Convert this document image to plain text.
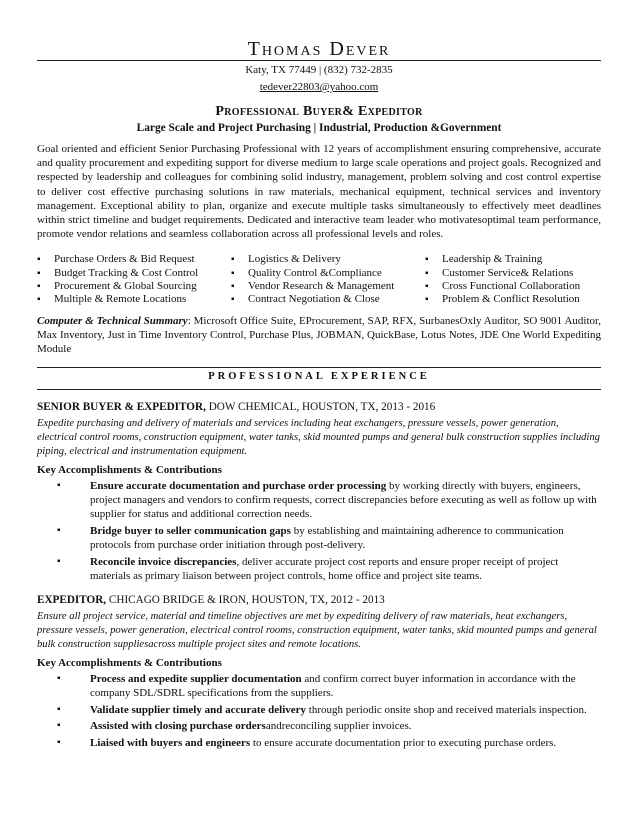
Thomas Dever
Katy, TX 77449 | (832) 732-2835
tedever22803@yahoo.com
Professional Buyer& Expeditor
Large Scale and Project Purchasing | Industrial, Production &Government
Goal oriented and efficient Senior Purchasing Professional with 12 years of accomplishment ensuring comprehensive, accurate and quality procurement and expediting support for diverse medium to large scale operations and project goals. Recognized and respected by leadership and colleagues for combining solid industry, management, problem solving and cost control expertise to deliver cost effective purchasing solutions in raw materials, mechanical equipment, technical services and inventory management. Exceptional ability to plan, organize and execute multiple tasks simultaneously to effectively meet deadlines within strict timeline and budget requirements. Dedicated and interactive team leader who motivatesoptimal team performance, promote vendor relations and seamless collaboration across all professional levels and roles.
▪ Purchase Orders & Bid Request
▪ Budget Tracking & Cost Control
▪ Procurement & Global Sourcing
▪ Multiple & Remote Locations
▪ Logistics & Delivery
▪ Quality Control &Compliance
▪ Vendor Research & Management
▪ Contract Negotiation & Close
▪ Leadership & Training
▪ Customer Service& Relations
▪ Cross Functional Collaboration
▪ Problem & Conflict Resolution
Computer & Technical Summary: Microsoft Office Suite, EProcurement, SAP, RFX, SurbanesOxly Auditor, SO 9001 Auditor, Max Inventory, Just in Time Inventory Control, Purchase Plus, JOBMAN, QuickBase, Lotus Notes, JDE One World Expediting Module
PROFESSIONAL EXPERIENCE
SENIOR BUYER & EXPEDITOR, DOW CHEMICAL, HOUSTON, TX, 2013 - 2016
Expedite purchasing and delivery of materials and services including heat exchangers, pressure vessels, power generation, electrical control rooms, construction equipment, water tanks, skid mounted pumps and general bulk construction supplies including piping, electrical and instrumentation equipment.
Key Accomplishments & Contributions
▪ Ensure accurate documentation and purchase order processing by working directly with buyers, engineers, project managers and vendors to confirm requests, correct discrepancies before executing as well as follow up with supplier for status and additional correction needs.
▪ Bridge buyer to seller communication gaps by establishing and maintaining adherence to communication protocols from purchase order initiation through post-delivery.
▪ Reconcile invoice discrepancies, deliver accurate project cost reports and ensure proper receipt of project materials as primary liaison between project controls, home office and project site teams.
EXPEDITOR, CHICAGO BRIDGE & IRON, HOUSTON, TX, 2012 - 2013
Ensure all project service, material and timeline objectives are met by expediting delivery of raw materials, heat exchangers, pressure vessels, power generation, electrical control rooms, construction equipment, water tanks, skid mounted pumps and general bulk construction suppliesacross multiple project sites and remote locations.
Key Accomplishments & Contributions
▪ Process and expedite supplier documentation and confirm correct buyer information in accordance with the company SDL/SDRL specifications from the suppliers.
▪ Validate supplier timely and accurate delivery through periodic onsite shop and received materials inspection.
▪ Assisted with closing purchase ordersandreconciling supplier invoices.
▪ Liaised with buyers and engineers to ensure accurate documentation prior to executing purchase orders.
